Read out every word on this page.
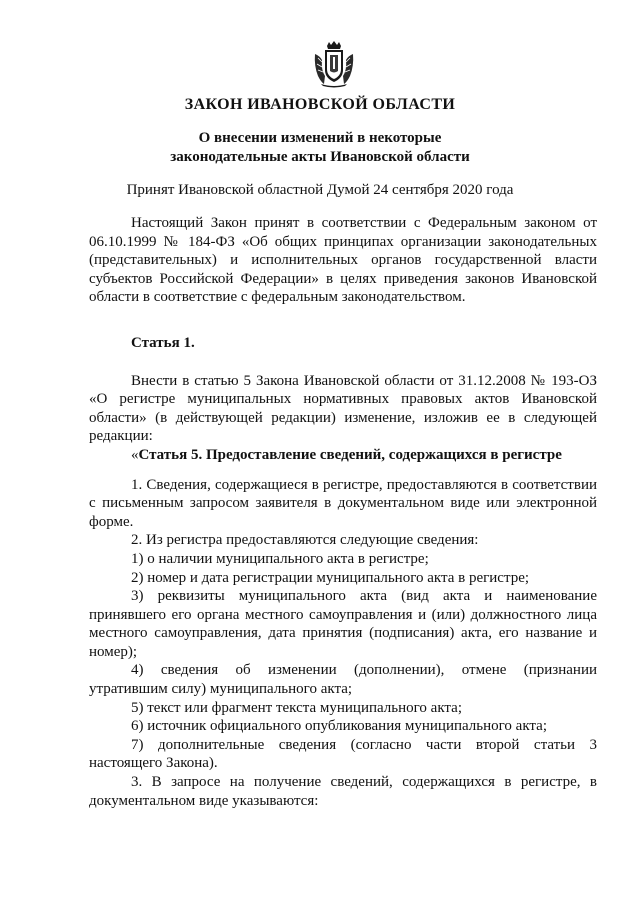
ЗАКОН ИВАНОВСКОЙ ОБЛАСТИ
О внесении изменений в некоторые
законодательные акты Ивановской области
Принят Ивановской областной Думой 24 сентября 2020 года

Настоящий Закон принят в соответствии с Федеральным законом от 06.10.1999 № 184-ФЗ «Об общих принципах организации законодательных (представительных) и исполнительных органов государственной власти субъектов Российской Федерации» в целях приведения законов Ивановской области в соответствие с федеральным законодательством.

Статья 1.

Внести в статью 5 Закона Ивановской области от 31.12.2008 № 193-ОЗ «О регистре муниципальных нормативных правовых актов Ивановской области» (в действующей редакции) изменение, изложив ее в следующей редакции:

«Статья 5. Предоставление сведений, содержащихся в регистре

1. Сведения, содержащиеся в регистре, предоставляются в соответствии с письменным запросом заявителя в документальном виде или электронной форме.

2. Из регистра предоставляются следующие сведения:

1) о наличии муниципального акта в регистре;

2) номер и дата регистрации муниципального акта в регистре;

3) реквизиты муниципального акта (вид акта и наименование принявшего его органа местного самоуправления и (или) должностного лица местного самоуправления, дата принятия (подписания) акта, его название и номер);

4) сведения об изменении (дополнении), отмене (признании утратившим силу) муниципального акта;

5) текст или фрагмент текста муниципального акта;

6) источник официального опубликования муниципального акта;

7) дополнительные сведения (согласно части второй статьи 3 настоящего Закона).

3. В запросе на получение сведений, содержащихся в регистре, в документальном виде указываются:
